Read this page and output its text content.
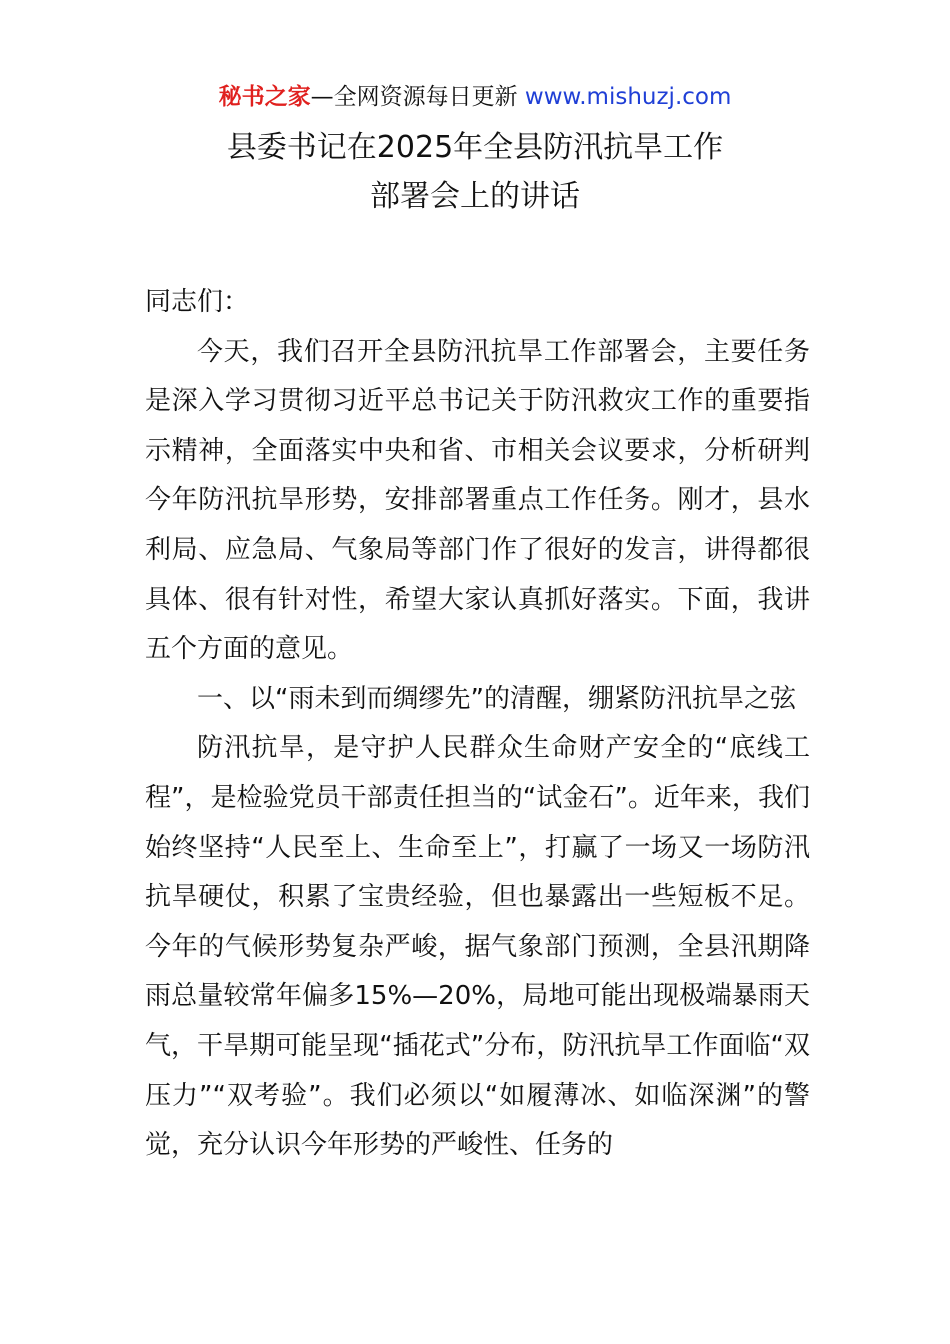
秘书之家—全网资源每日更新 www.mishuzj.com
县委书记在2025年全县防汛抗旱工作
部署会上的讲话

同志们：

今天，我们召开全县防汛抗旱工作部署会，主要任务是深入学习贯彻习近平总书记关于防汛救灾工作的重要指示精神，全面落实中央和省、市相关会议要求，分析研判今年防汛抗旱形势，安排部署重点工作任务。刚才，县水利局、应急局、气象局等部门作了很好的发言，讲得都很具体、很有针对性，希望大家认真抓好落实。下面，我讲五个方面的意见。

一、以“雨未到而绸缪先”的清醒，绷紧防汛抗旱之弦

防汛抗旱，是守护人民群众生命财产安全的“底线工程”，是检验党员干部责任担当的“试金石”。近年来，我们始终坚持“人民至上、生命至上”，打赢了一场又一场防汛抗旱硬仗，积累了宝贵经验，但也暴露出一些短板不足。今年的气候形势复杂严峻，据气象部门预测，全县汛期降雨总量较常年偏多15%—20%，局地可能出现极端暴雨天气，干旱期可能呈现“插花式”分布，防汛抗旱工作面临“双压力”“双考验”。我们必须以“如履薄冰、如临深渊”的警觉，充分认识今年形势的严峻性、任务的
